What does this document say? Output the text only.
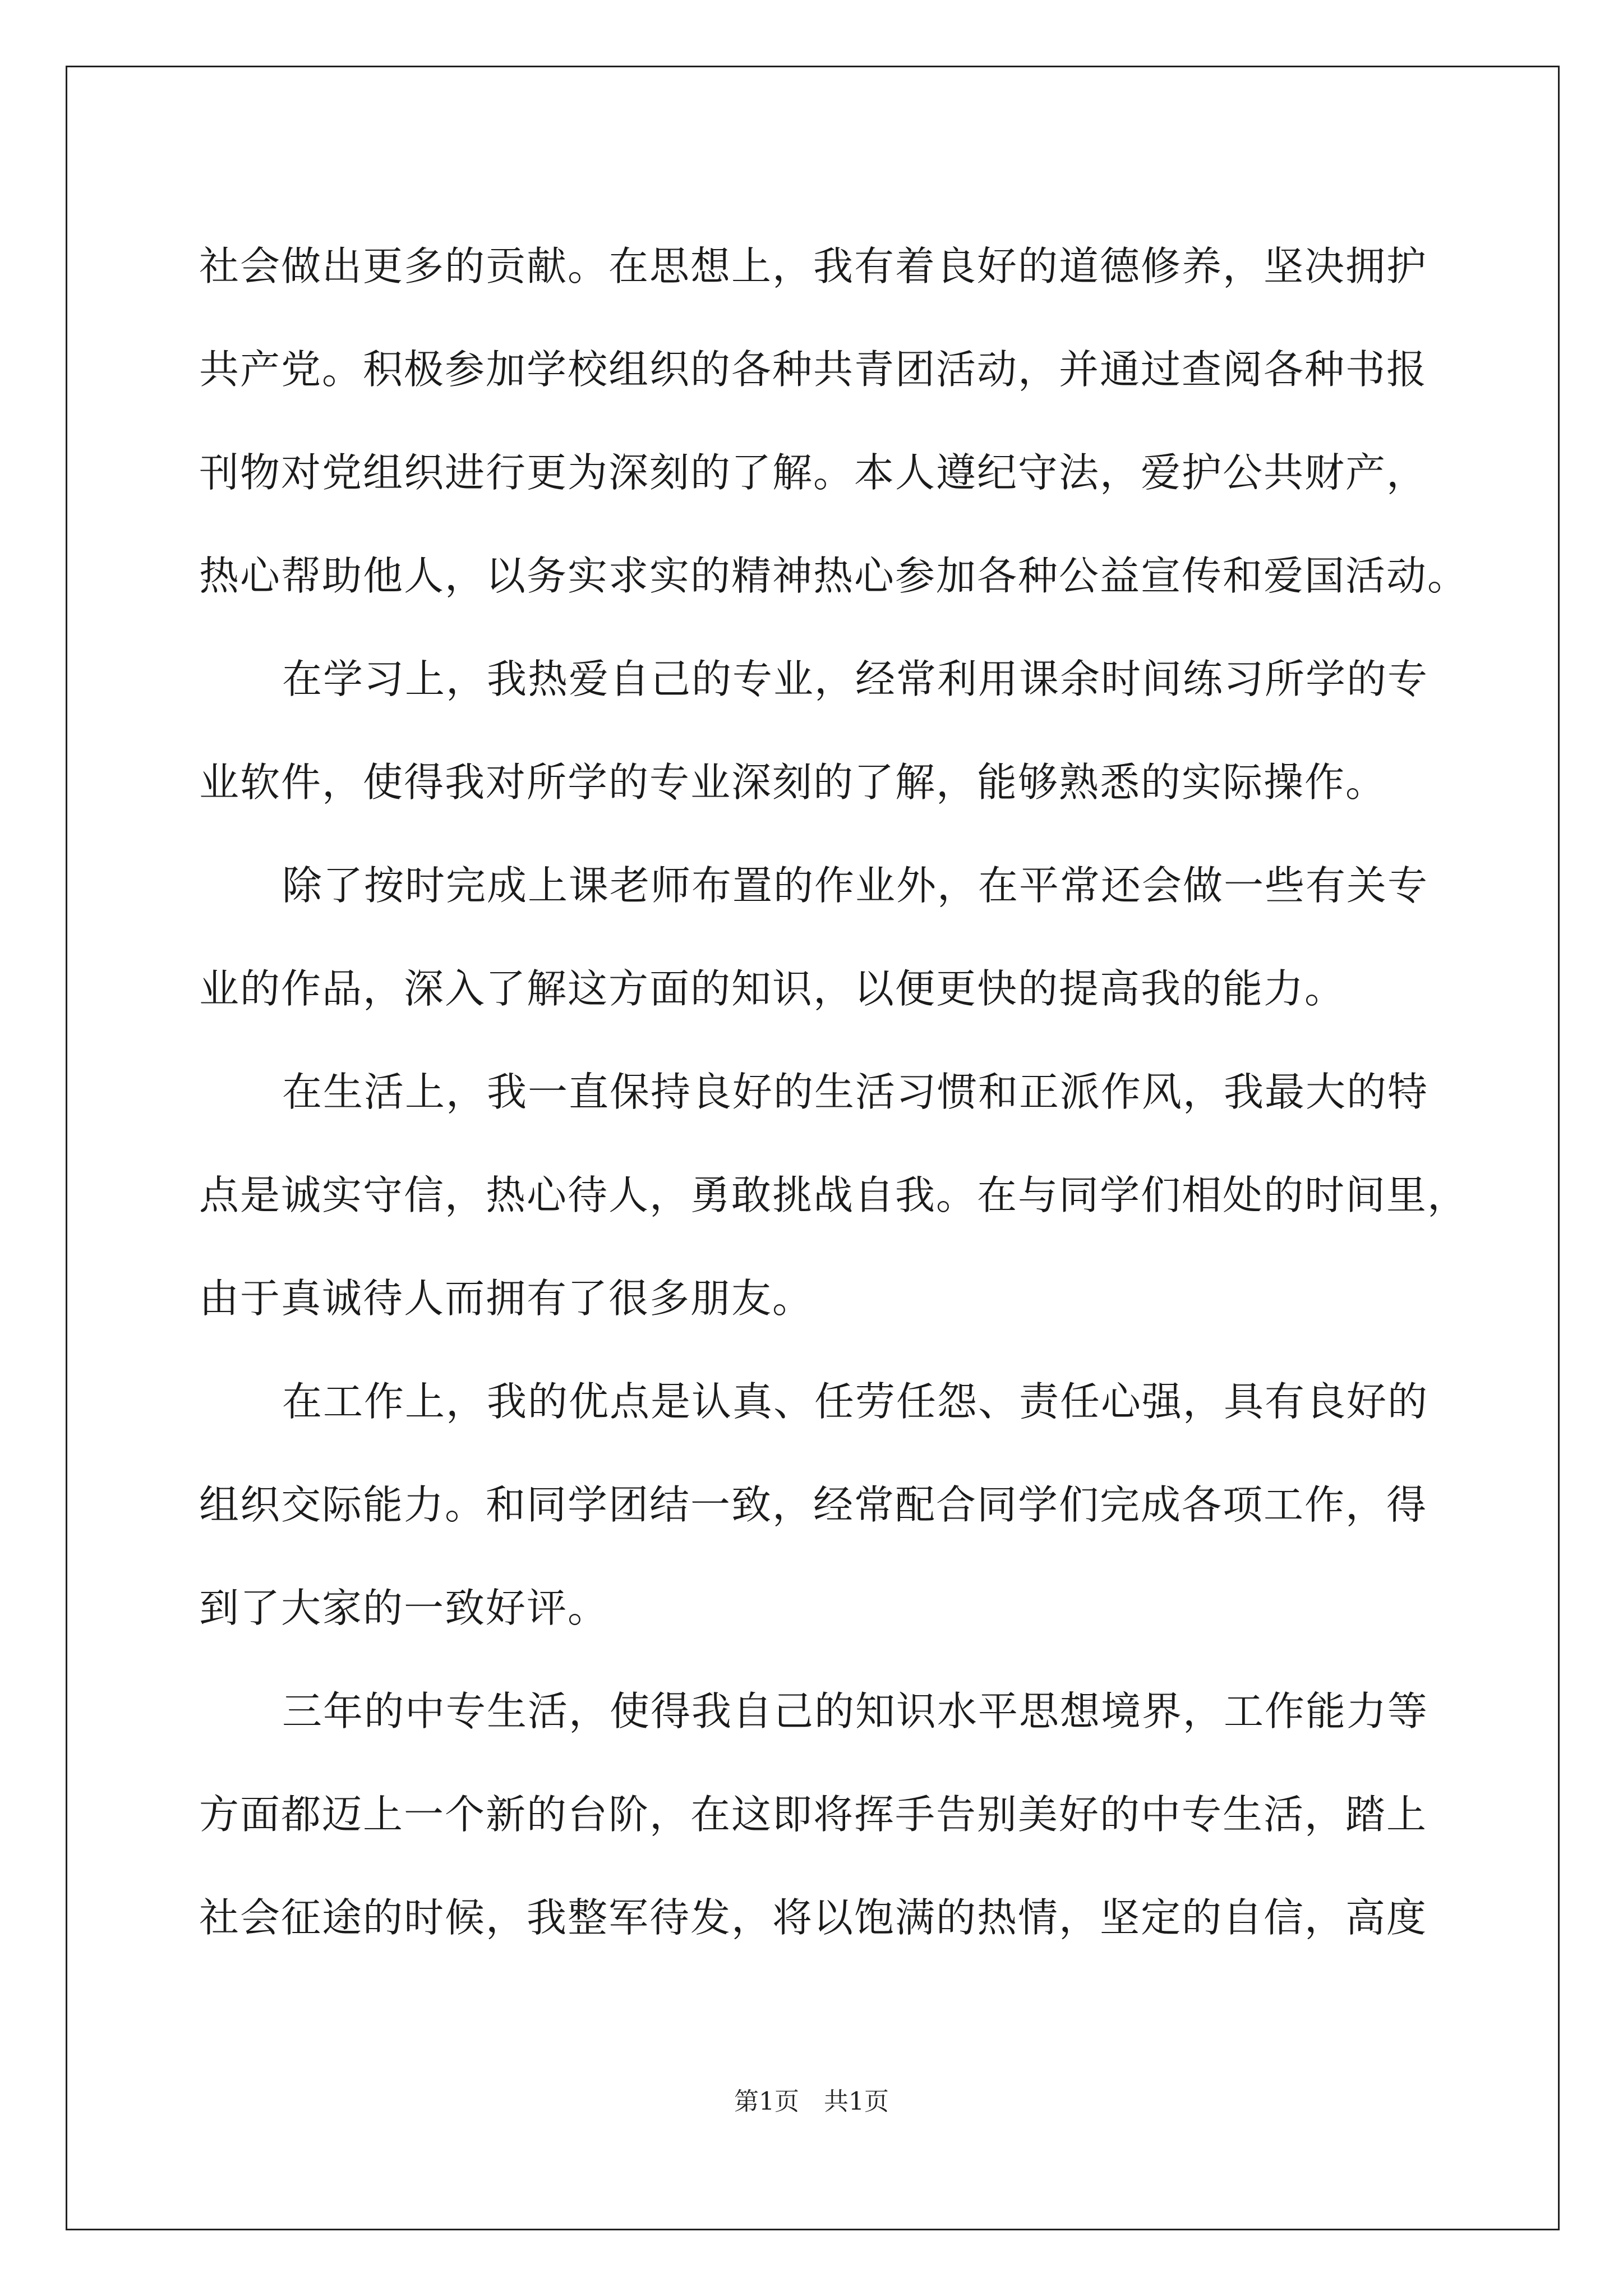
社会做出更多的贡献。在思想上，我有着良好的道德修养，坚决拥护
共产党。积极参加学校组织的各种共青团活动，并通过查阅各种书报
刊物对党组织进行更为深刻的了解。本人遵纪守法，爱护公共财产，
热心帮助他人，以务实求实的精神热心参加各种公益宣传和爱国活动。
在学习上，我热爱自己的专业，经常利用课余时间练习所学的专
业软件，使得我对所学的专业深刻的了解，能够熟悉的实际操作。
除了按时完成上课老师布置的作业外，在平常还会做一些有关专
业的作品，深入了解这方面的知识，以便更快的提高我的能力。
在生活上，我一直保持良好的生活习惯和正派作风，我最大的特
点是诚实守信，热心待人，勇敢挑战自我。在与同学们相处的时间里，
由于真诚待人而拥有了很多朋友。
在工作上，我的优点是认真、任劳任怨、责任心强，具有良好的
组织交际能力。和同学团结一致，经常配合同学们完成各项工作，得
到了大家的一致好评。
三年的中专生活，使得我自己的知识水平思想境界，工作能力等
方面都迈上一个新的台阶，在这即将挥手告别美好的中专生活，踏上
社会征途的时候，我整军待发，将以饱满的热情，坚定的自信，高度
第1页　共1页
